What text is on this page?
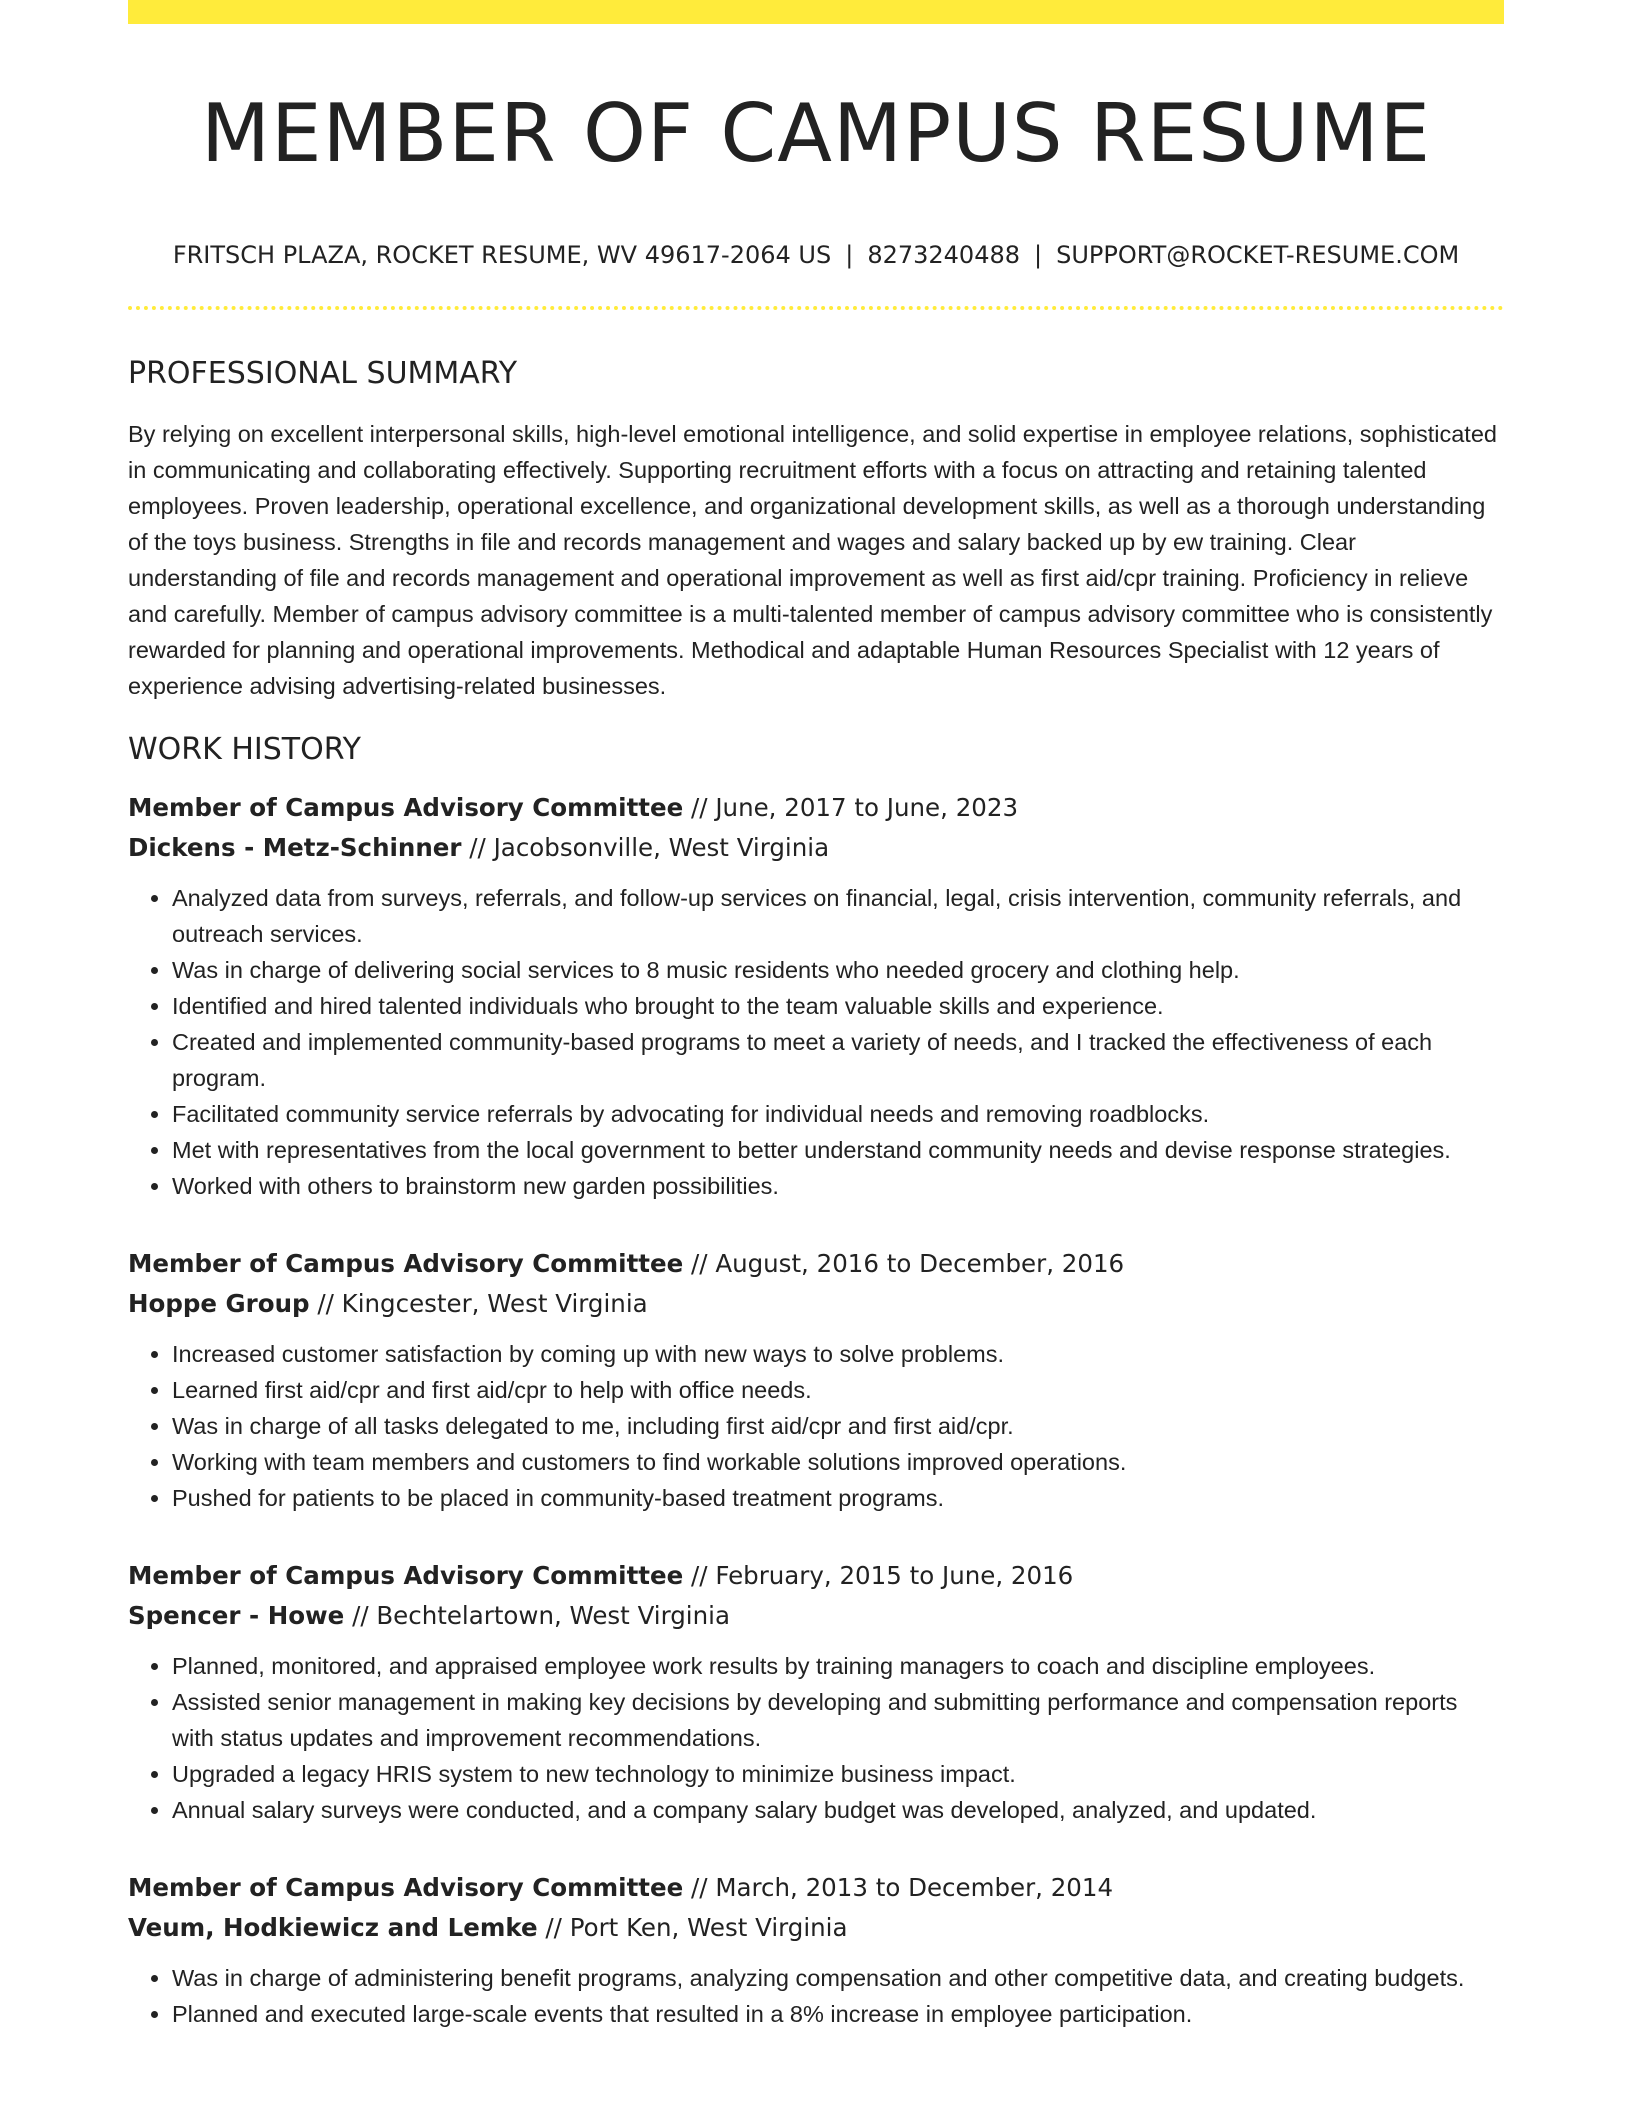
MEMBER OF CAMPUS RESUME
FRITSCH PLAZA, ROCKET RESUME, WV 49617-2064 US | 8273240488 | SUPPORT@ROCKET-RESUME.COM
PROFESSIONAL SUMMARY
By relying on excellent interpersonal skills, high-level emotional intelligence, and solid expertise in employee relations, sophisticated in communicating and collaborating effectively. Supporting recruitment efforts with a focus on attracting and retaining talented employees. Proven leadership, operational excellence, and organizational development skills, as well as a thorough understanding of the toys business. Strengths in file and records management and wages and salary backed up by ew training. Clear understanding of file and records management and operational improvement as well as first aid/cpr training. Proficiency in relieve and carefully. Member of campus advisory committee is a multi-talented member of campus advisory committee who is consistently rewarded for planning and operational improvements. Methodical and adaptable Human Resources Specialist with 12 years of experience advising advertising-related businesses.
WORK HISTORY
Member of Campus Advisory Committee // June, 2017 to June, 2023
Dickens - Metz-Schinner // Jacobsonville, West Virginia
• Analyzed data from surveys, referrals, and follow-up services on financial, legal, crisis intervention, community referrals, and outreach services.
• Was in charge of delivering social services to 8 music residents who needed grocery and clothing help.
• Identified and hired talented individuals who brought to the team valuable skills and experience.
• Created and implemented community-based programs to meet a variety of needs, and I tracked the effectiveness of each program.
• Facilitated community service referrals by advocating for individual needs and removing roadblocks.
• Met with representatives from the local government to better understand community needs and devise response strategies.
• Worked with others to brainstorm new garden possibilities.
Member of Campus Advisory Committee // August, 2016 to December, 2016
Hoppe Group // Kingcester, West Virginia
• Increased customer satisfaction by coming up with new ways to solve problems.
• Learned first aid/cpr and first aid/cpr to help with office needs.
• Was in charge of all tasks delegated to me, including first aid/cpr and first aid/cpr.
• Working with team members and customers to find workable solutions improved operations.
• Pushed for patients to be placed in community-based treatment programs.
Member of Campus Advisory Committee // February, 2015 to June, 2016
Spencer - Howe // Bechtelartown, West Virginia
• Planned, monitored, and appraised employee work results by training managers to coach and discipline employees.
• Assisted senior management in making key decisions by developing and submitting performance and compensation reports with status updates and improvement recommendations.
• Upgraded a legacy HRIS system to new technology to minimize business impact.
• Annual salary surveys were conducted, and a company salary budget was developed, analyzed, and updated.
Member of Campus Advisory Committee // March, 2013 to December, 2014
Veum, Hodkiewicz and Lemke // Port Ken, West Virginia
• Was in charge of administering benefit programs, analyzing compensation and other competitive data, and creating budgets.
• Planned and executed large-scale events that resulted in a 8% increase in employee participation.
